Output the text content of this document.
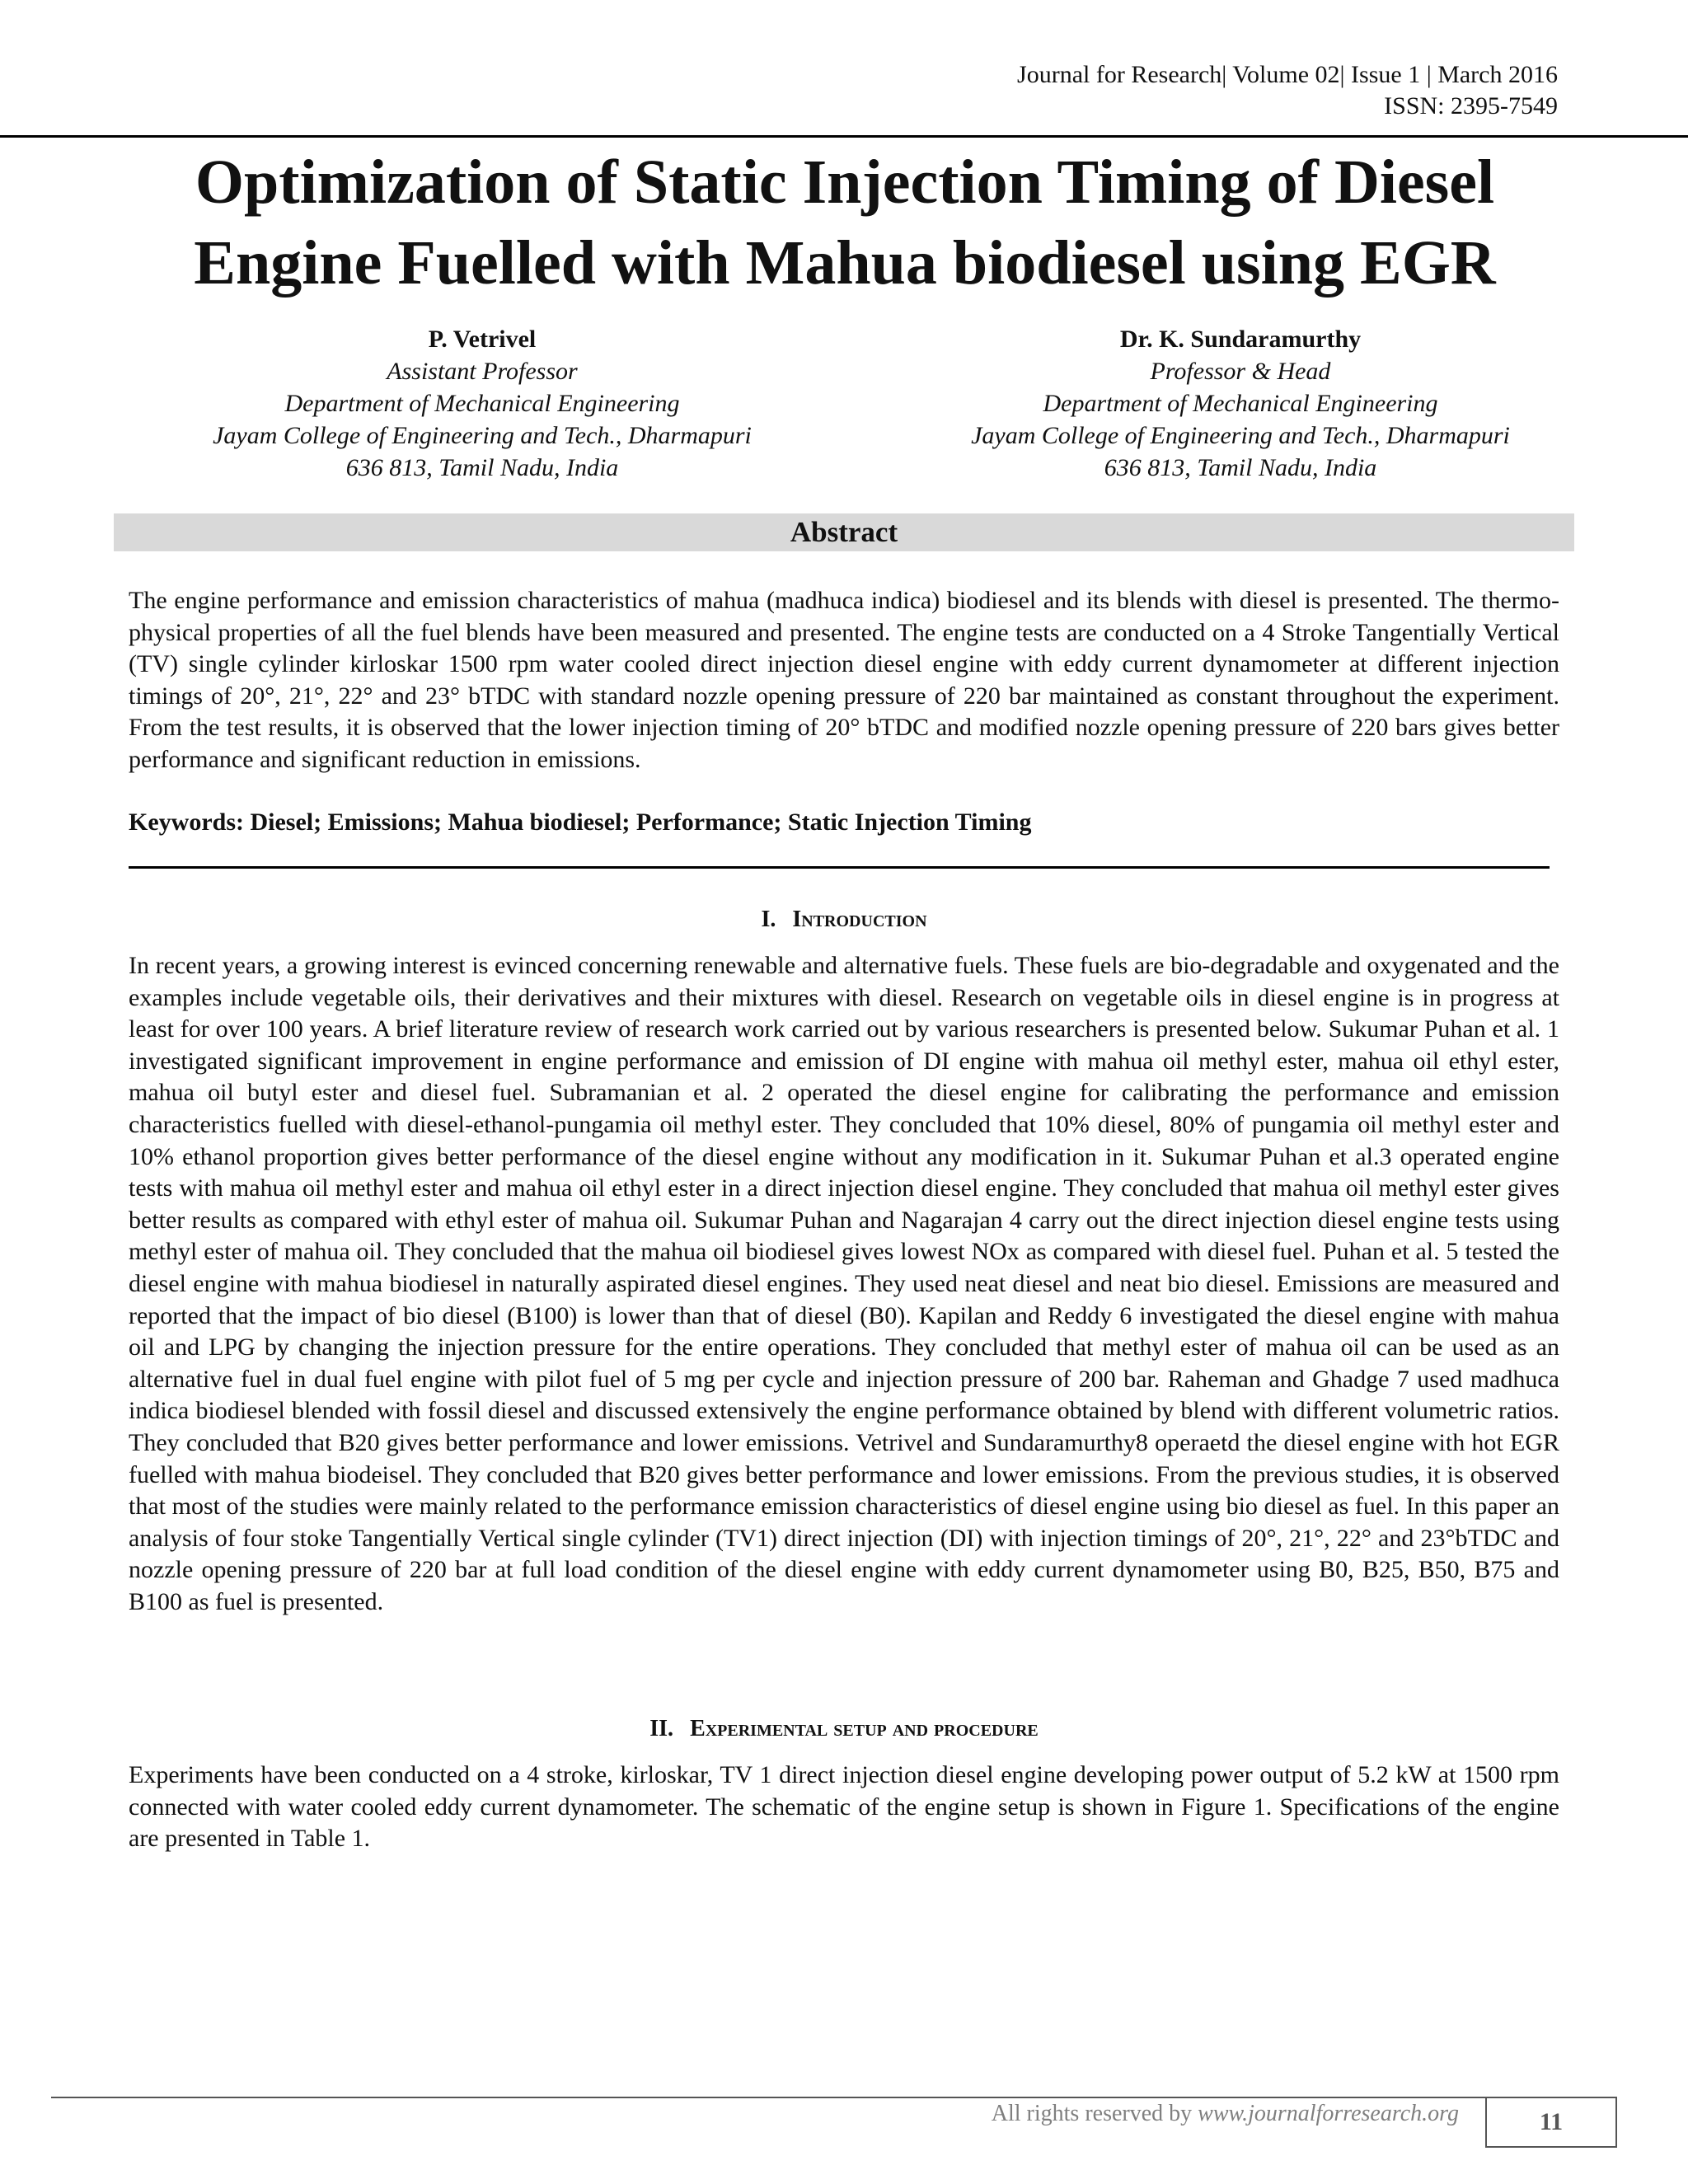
Journal for Research| Volume 02| Issue 1 | March 2016
ISSN: 2395-7549
Optimization of Static Injection Timing of Diesel
Engine Fuelled with Mahua biodiesel using EGR
P. Vetrivel
Assistant Professor
Department of Mechanical Engineering
Jayam College of Engineering and Tech., Dharmapuri
636 813, Tamil Nadu, India
Dr. K. Sundaramurthy
Professor & Head
Department of Mechanical Engineering
Jayam College of Engineering and Tech., Dharmapuri
636 813, Tamil Nadu, India
Abstract
The engine performance and emission characteristics of mahua (madhuca indica) biodiesel and its blends with diesel is presented. The thermo-physical properties of all the fuel blends have been measured and presented. The engine tests are conducted on a 4 Stroke Tangentially Vertical (TV) single cylinder kirloskar 1500 rpm water cooled direct injection diesel engine with eddy current dynamometer at different injection timings of 20°, 21°, 22° and 23° bTDC with standard nozzle opening pressure of 220 bar maintained as constant throughout the experiment. From the test results, it is observed that the lower injection timing of 20° bTDC and modified nozzle opening pressure of 220 bars gives better performance and significant reduction in emissions.
Keywords: Diesel; Emissions; Mahua biodiesel; Performance; Static Injection Timing
I. Introduction
In recent years, a growing interest is evinced concerning renewable and alternative fuels. These fuels are bio-degradable and oxygenated and the examples include vegetable oils, their derivatives and their mixtures with diesel. Research on vegetable oils in diesel engine is in progress at least for over 100 years. A brief literature review of research work carried out by various researchers is presented below. Sukumar Puhan et al. 1 investigated significant improvement in engine performance and emission of DI engine with mahua oil methyl ester, mahua oil ethyl ester, mahua oil butyl ester and diesel fuel. Subramanian et al. 2 operated the diesel engine for calibrating the performance and emission characteristics fuelled with diesel-ethanol-pungamia oil methyl ester. They concluded that 10% diesel, 80% of pungamia oil methyl ester and 10% ethanol proportion gives better performance of the diesel engine without any modification in it. Sukumar Puhan et al.3 operated engine tests with mahua oil methyl ester and mahua oil ethyl ester in a direct injection diesel engine. They concluded that mahua oil methyl ester gives better results as compared with ethyl ester of mahua oil. Sukumar Puhan and Nagarajan 4 carry out the direct injection diesel engine tests using methyl ester of mahua oil. They concluded that the mahua oil biodiesel gives lowest NOx as compared with diesel fuel. Puhan et al. 5 tested the diesel engine with mahua biodiesel in naturally aspirated diesel engines. They used neat diesel and neat bio diesel. Emissions are measured and reported that the impact of bio diesel (B100) is lower than that of diesel (B0). Kapilan and Reddy 6 investigated the diesel engine with mahua oil and LPG by changing the injection pressure for the entire operations. They concluded that methyl ester of mahua oil can be used as an alternative fuel in dual fuel engine with pilot fuel of 5 mg per cycle and injection pressure of 200 bar. Raheman and Ghadge 7 used madhuca indica biodiesel blended with fossil diesel and discussed extensively the engine performance obtained by blend with different volumetric ratios. They concluded that B20 gives better performance and lower emissions. Vetrivel and Sundaramurthy8 operaetd the diesel engine with hot EGR fuelled with mahua biodeisel. They concluded that B20 gives better performance and lower emissions. From the previous studies, it is observed that most of the studies were mainly related to the performance emission characteristics of diesel engine using bio diesel as fuel. In this paper an analysis of four stoke Tangentially Vertical single cylinder (TV1) direct injection (DI) with injection timings of 20°, 21°, 22° and 23°bTDC and nozzle opening pressure of 220 bar at full load condition of the diesel engine with eddy current dynamometer using B0, B25, B50, B75 and B100 as fuel is presented.
II. Experimental setup and procedure
Experiments have been conducted on a 4 stroke, kirloskar, TV 1 direct injection diesel engine developing power output of 5.2 kW at 1500 rpm connected with water cooled eddy current dynamometer. The schematic of the engine setup is shown in Figure 1. Specifications of the engine are presented in Table 1.
All rights reserved by www.journalforresearch.org	11
